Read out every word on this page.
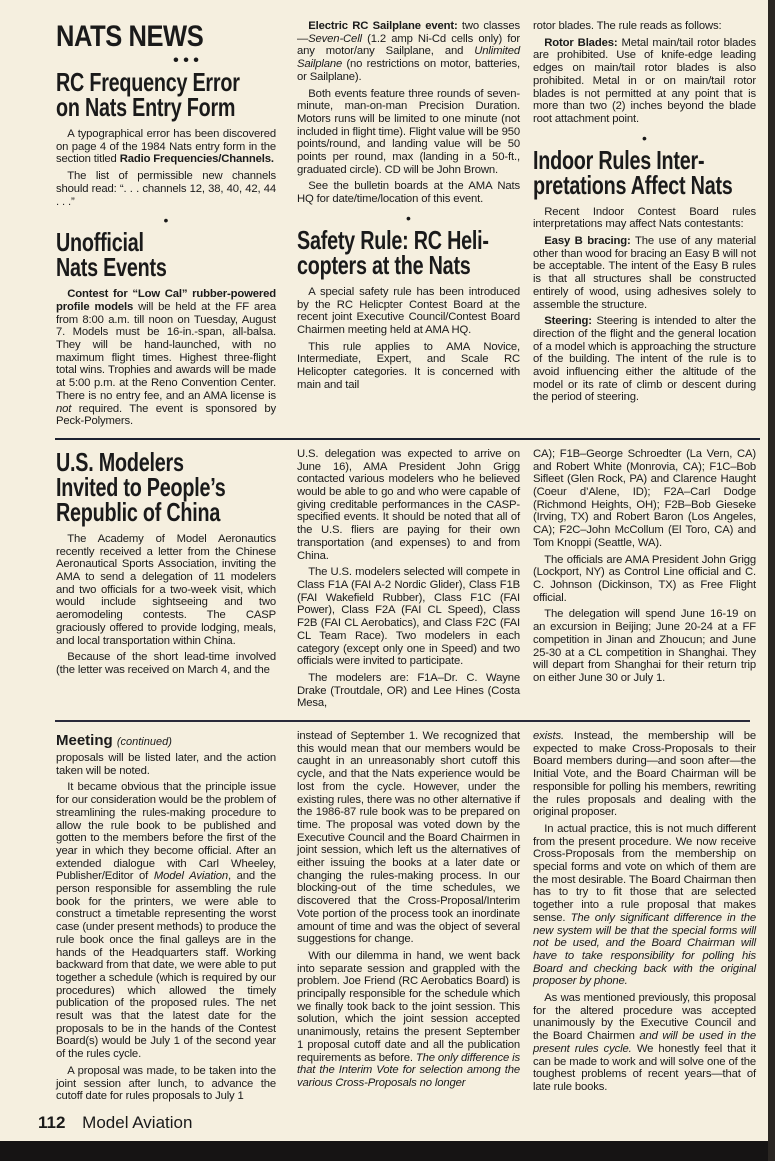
NATS NEWS
• • •
RC Frequency Error
on Nats Entry Form

A typographical error has been discovered on page 4 of the 1984 Nats entry form in the section titled Radio Frequencies/Channels.

The list of permissible new channels should read: “. . . channels 12, 38, 40, 42, 44 . . .”

•
Unofficial
Nats Events

Contest for “Low Cal” rubber-powered profile models will be held at the FF area from 8:00 a.m. till noon on Tuesday, August 7. Models must be 16-in.-span, all-balsa. They will be hand-launched, with no maximum flight times. Highest three-flight total wins. Trophies and awards will be made at 5:00 p.m. at the Reno Convention Center. There is no entry fee, and an AMA license is not required. The event is sponsored by Peck-Polymers.

Electric RC Sailplane event: two classes—Seven-Cell (1.2 amp Ni-Cd cells only) for any motor/any Sailplane, and Unlimited Sailplane (no restrictions on motor, batteries, or Sailplane).

Both events feature three rounds of seven-minute, man-on-man Precision Duration. Motors runs will be limited to one minute (not included in flight time). Flight value will be 950 points/round, and landing value will be 50 points per round, max (landing in a 50-ft., graduated circle). CD will be John Brown.

See the bulletin boards at the AMA Nats HQ for date/time/location of this event.

•
Safety Rule: RC Heli-
copters at the Nats

A special safety rule has been introduced by the RC Helicpter Contest Board at the recent joint Executive Council/Contest Board Chairmen meeting held at AMA HQ.

This rule applies to AMA Novice, Intermediate, Expert, and Scale RC Helicopter categories. It is concerned with main and tail

rotor blades. The rule reads as follows:

Rotor Blades: Metal main/tail rotor blades are prohibited. Use of knife-edge leading edges on main/tail rotor blades is also prohibited. Metal in or on main/tail rotor blades is not permitted at any point that is more than two (2) inches beyond the blade root attachment point.

•
Indoor Rules Inter-
pretations Affect Nats

Recent Indoor Contest Board rules interpretations may affect Nats contestants:

Easy B bracing: The use of any material other than wood for bracing an Easy B will not be acceptable. The intent of the Easy B rules is that all structures shall be constructed entirely of wood, using adhesives solely to assemble the structure.

Steering: Steering is intended to alter the direction of the flight and the general location of a model which is approaching the structure of the building. The intent of the rule is to avoid influencing either the altitude of the model or its rate of climb or descent during the period of steering.

U.S. Modelers
Invited to People’s
Republic of China

The Academy of Model Aeronautics recently received a letter from the Chinese Aeronautical Sports Association, inviting the AMA to send a delegation of 11 modelers and two officials for a two-week visit, which would include sightseeing and two aeromodeling contests. The CASP graciously offered to provide lodging, meals, and local transportation within China.

Because of the short lead-time involved (the letter was received on March 4, and the

U.S. delegation was expected to arrive on June 16), AMA President John Grigg contacted various modelers who he believed would be able to go and who were capable of giving creditable performances in the CASP-specified events. It should be noted that all of the U.S. fliers are paying for their own transportation (and expenses) to and from China.

The U.S. modelers selected will compete in Class F1A (FAI A-2 Nordic Glider), Class F1B (FAI Wakefield Rubber), Class F1C (FAI Power), Class F2A (FAI CL Speed), Class F2B (FAI CL Aerobatics), and Class F2C (FAI CL Team Race). Two modelers in each category (except only one in Speed) and two officials were invited to participate.

The modelers are: F1A–Dr. C. Wayne Drake (Troutdale, OR) and Lee Hines (Costa Mesa,

CA); F1B–George Schroedter (La Vern, CA) and Robert White (Monrovia, CA); F1C–Bob Sifleet (Glen Rock, PA) and Clarence Haught (Coeur d’Alene, ID); F2A–Carl Dodge (Richmond Heights, OH); F2B–Bob Gieseke (Irving, TX) and Robert Baron (Los Angeles, CA); F2C–John McCollum (El Toro, CA) and Tom Knoppi (Seattle, WA).

The officials are AMA President John Grigg (Lockport, NY) as Control Line official and C. C. Johnson (Dickinson, TX) as Free Flight official.

The delegation will spend June 16-19 on an excursion in Beijing; June 20-24 at a FF competition in Jinan and Zhoucun; and June 25-30 at a CL competition in Shanghai. They will depart from Shanghai for their return trip on either June 30 or July 1.

Meeting (continued)

proposals will be listed later, and the action taken will be noted.

It became obvious that the principle issue for our consideration would be the problem of streamlining the rules-making procedure to allow the rule book to be published and gotten to the members before the first of the year in which they become official. After an extended dialogue with Carl Wheeley, Publisher/Editor of Model Aviation, and the person responsible for assembling the rule book for the printers, we were able to construct a timetable representing the worst case (under present methods) to produce the rule book once the final galleys are in the hands of the Headquarters staff. Working backward from that date, we were able to put together a schedule (which is required by our procedures) which allowed the timely publication of the proposed rules. The net result was that the latest date for the proposals to be in the hands of the Contest Board(s) would be July 1 of the second year of the rules cycle.

A proposal was made, to be taken into the joint session after lunch, to advance the cutoff date for rules proposals to July 1

instead of September 1. We recognized that this would mean that our members would be caught in an unreasonably short cutoff this cycle, and that the Nats experience would be lost from the cycle. However, under the existing rules, there was no other alternative if the 1986-87 rule book was to be prepared on time. The proposal was voted down by the Executive Council and the Board Chairmen in joint session, which left us the alternatives of either issuing the books at a later date or changing the rules-making process. In our blocking-out of the time schedules, we discovered that the Cross-Proposal/Interim Vote portion of the process took an inordinate amount of time and was the object of several suggestions for change.

With our dilemma in hand, we went back into separate session and grappled with the problem. Joe Friend (RC Aerobatics Board) is principally responsible for the schedule which we finally took back to the joint session. This solution, which the joint session accepted unanimously, retains the present September 1 proposal cutoff date and all the publication requirements as before. The only difference is that the Interim Vote for selection among the various Cross-Proposals no longer

exists. Instead, the membership will be expected to make Cross-Proposals to their Board members during—and soon after—the Initial Vote, and the Board Chairman will be responsible for polling his members, rewriting the rules proposals and dealing with the original proposer.

In actual practice, this is not much different from the present procedure. We now receive Cross-Proposals from the membership on special forms and vote on which of them are the most desirable. The Board Chairman then has to try to fit those that are selected together into a rule proposal that makes sense. The only significant difference in the new system will be that the special forms will not be used, and the Board Chairman will have to take responsibility for polling his Board and checking back with the original proposer by phone.

As was mentioned previously, this proposal for the altered procedure was accepted unanimously by the Executive Council and the Board Chairmen and will be used in the present rules cycle. We honestly feel that it can be made to work and will solve one of the toughest problems of recent years—that of late rule books.

112 Model Aviation
